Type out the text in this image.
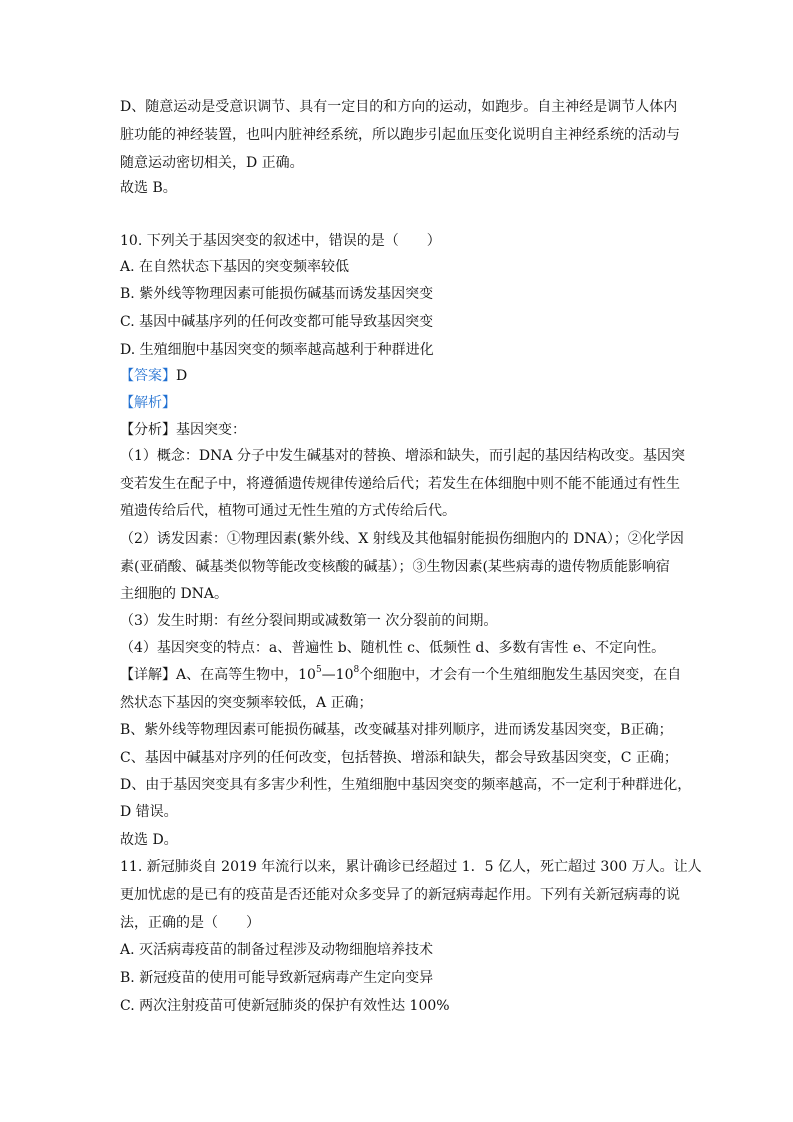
D、随意运动是受意识调节、具有一定目的和方向的运动，如跑步。自主神经是调节人体内
脏功能的神经装置，也叫内脏神经系统，所以跑步引起血压变化说明自主神经系统的活动与
随意运动密切相关，D 正确。
故选 B。
10. 下列关于基因突变的叙述中，错误的是（　　）
A. 在自然状态下基因的突变频率较低
B. 紫外线等物理因素可能损伤碱基而诱发基因突变
C. 基因中碱基序列的任何改变都可能导致基因突变
D. 生殖细胞中基因突变的频率越高越利于种群进化
【答案】D
【解析】
【分析】基因突变：
（1）概念：DNA 分子中发生碱基对的替换、增添和缺失，而引起的基因结构改变。基因突
变若发生在配子中，将遵循遗传规律传递给后代；若发生在体细胞中则不能不能通过有性生
殖遗传给后代，植物可通过无性生殖的方式传给后代。
（2）诱发因素：①物理因素(紫外线、X 射线及其他辐射能损伤细胞内的 DNA）；②化学因
素(亚硝酸、碱基类似物等能改变核酸的碱基）；③生物因素(某些病毒的遗传物质能影响宿
主细胞的 DNA。
（3）发生时期：有丝分裂间期或减数第一 次分裂前的间期。
（4）基因突变的特点：a、普遍性 b、随机性 c、低频性 d、多数有害性 e、不定向性。
【详解】A、在高等生物中，$10^5—10^8$个细胞中，才会有一个生殖细胞发生基因突变，在自
然状态下基因的突变频率较低，A 正确；
B、紫外线等物理因素可能损伤碱基，改变碱基对排列顺序，进而诱发基因突变，B正确；
C、基因中碱基对序列的任何改变，包括替换、增添和缺失，都会导致基因突变，C 正确；
D、由于基因突变具有多害少利性，生殖细胞中基因突变的频率越高，不一定利于种群进化，
D 错误。
故选 D。
11. 新冠肺炎自 2019 年流行以来，累计确诊已经超过 1．5 亿人，死亡超过 300 万人。让人
更加忧虑的是已有的疫苗是否还能对众多变异了的新冠病毒起作用。下列有关新冠病毒的说
法，正确的是（　　）
A. 灭活病毒疫苗的制备过程涉及动物细胞培养技术
B. 新冠疫苗的使用可能导致新冠病毒产生定向变异
C. 两次注射疫苗可使新冠肺炎的保护有效性达 100%
